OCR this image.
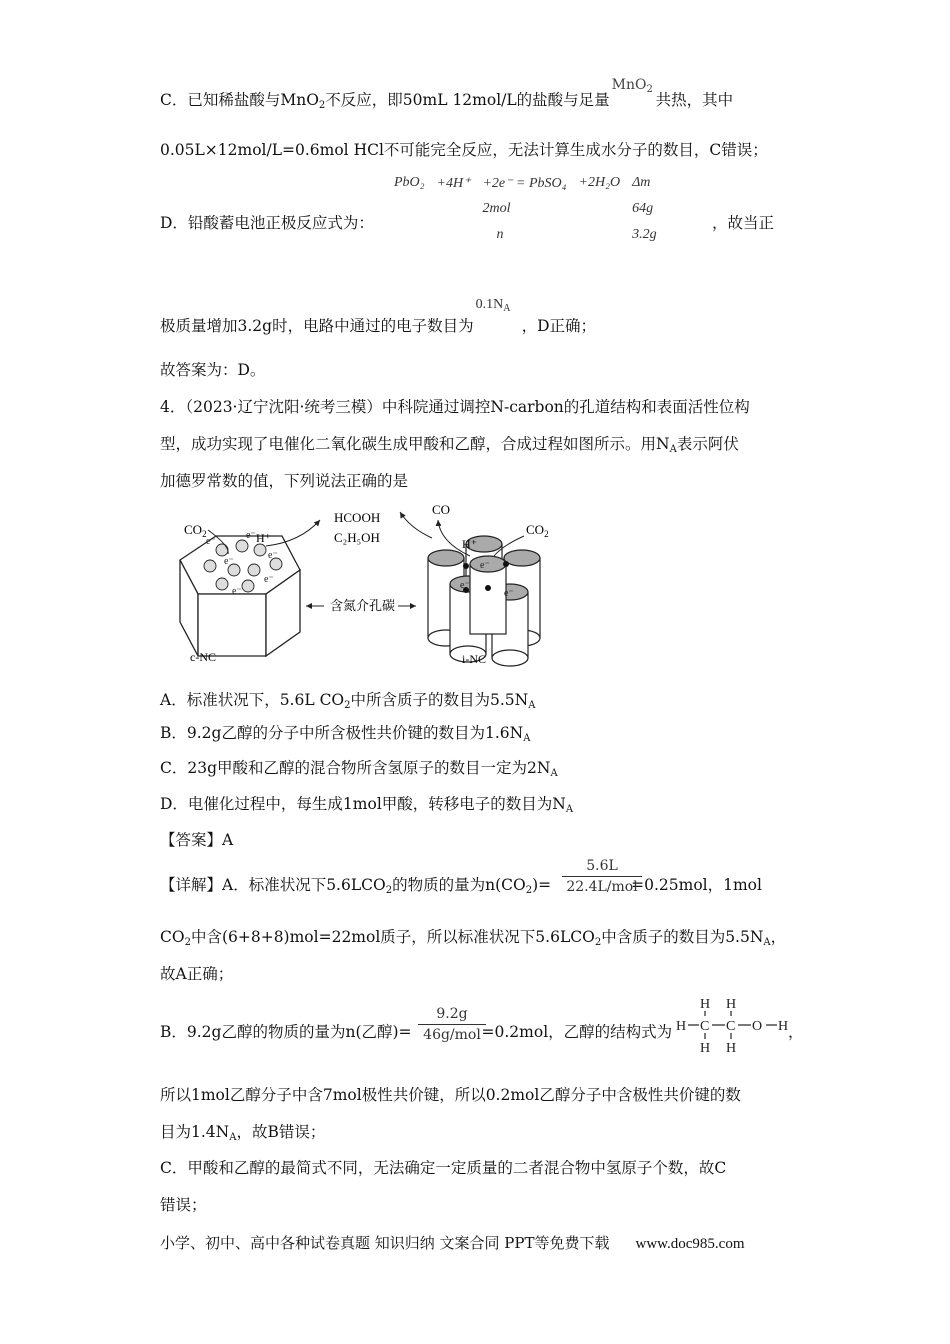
C．已知稀盐酸与MnO$_2$不反应，即50mL 12mol/L的盐酸与足量
MnO$_2$
共热，其中
0.05L×12mol/L=0.6mol HCl不可能完全反应，无法计算生成水分子的数目，C错误；
D．铅酸蓄电池正极反应式为：
PbO₂	+4H⁺	+2e⁻ = PbSO₄	+2H₂O	Δm
		2mol		64g
		n		3.2g
，故当正
极质量增加3.2g时，电路中通过的电子数目为
$0.1N_A$
，D正确；
故答案为：D。
4．（2023·辽宁沈阳·统考三模）中科院通过调控N-carbon的孔道结构和表面活性位构
型，成功实现了电催化二氧化碳生成甲酸和乙醇，合成过程如图所示。用$N_A$表示阿伏
加德罗常数的值，下列说法正确的是
e⁻
e⁻
e⁻
e⁻
e⁻
e⁻
$CO_2$	H⁺
HCOOH
C₂H₅OH
c-NC
含氮介孔碳
e⁻
e⁻
e⁻
CO
$CO_2$
H⁺
i-NC
A．标准状况下，5.6L $CO_2$中所含质子的数目为$5.5N_A$
B．9.2g乙醇的分子中所含极性共价键的数目为$1.6N_A$
C．23g甲酸和乙醇的混合物所含氢原子的数目一定为$2N_A$
D．电催化过程中，每生成1mol甲酸，转移电子的数目为$N_A$
【答案】A
【详解】A．标准状况下$5.6LCO_2$的物质的量为$n(CO_2)=$	=0.25mol，1mol
5.6L
22.4L/mol
$CO_2$中含(6+8+8)mol=22mol质子，所以标准状况下$5.6LCO_2$中含质子的数目为$5.5N_A$，
故A正确；
B．9.2g乙醇的物质的量为n(乙醇)=	=0.2mol，乙醇的结构式为
9.2g
46g/mol
H H
H C C O H
H H
，
所以1mol乙醇分子中含7mol极性共价键，所以0.2mol乙醇分子中含极性共价键的数
目为$1.4N_A$，故B错误；
C．甲酸和乙醇的最简式不同，无法确定一定质量的二者混合物中氢原子个数，故C
错误；
小学、初中、高中各种试卷真题 知识归纳 文案合同 PPT等免费下载 www.doc985.com
